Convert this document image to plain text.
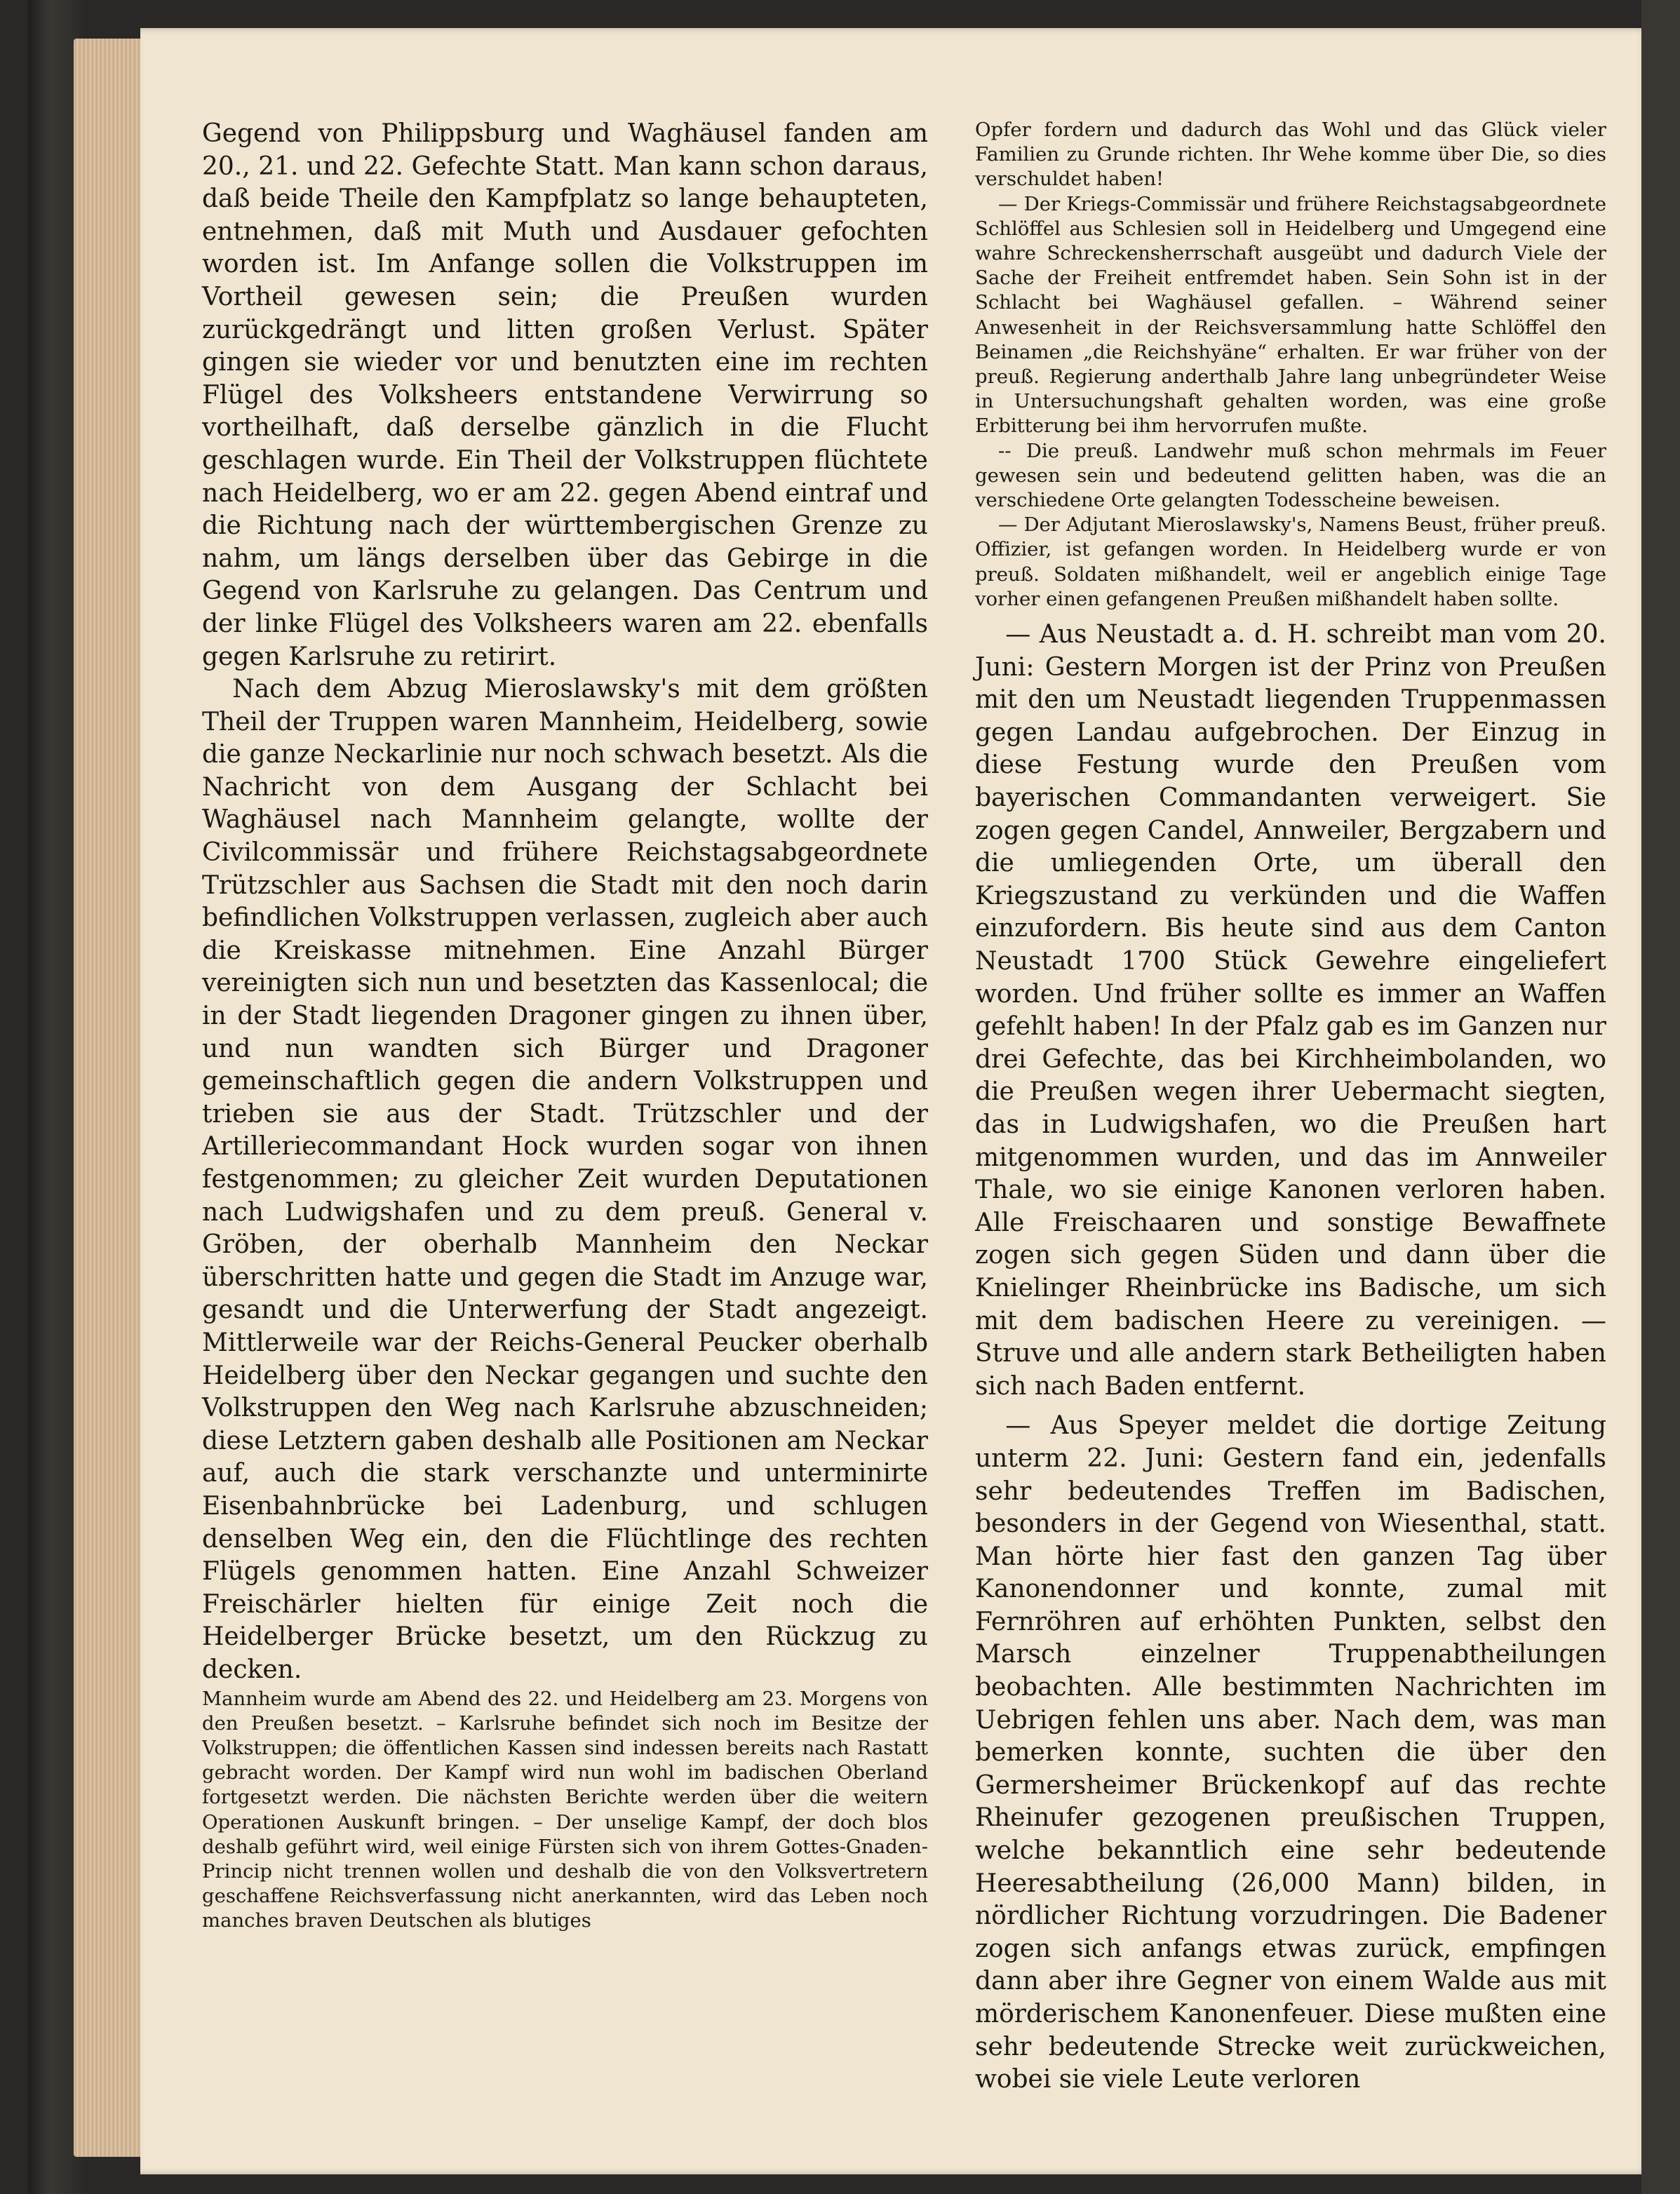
Gegend von Philippsburg und Waghäusel fanden am 20., 21. und 22. Gefechte Statt. Man kann schon daraus, daß beide Theile den Kampfplatz so lange behaupteten, entnehmen, daß mit Muth und Ausdauer gefochten worden ist. Im Anfange sollen die Volkstruppen im Vortheil gewesen sein; die Preußen wurden zurückgedrängt und litten großen Verlust. Später gingen sie wieder vor und benutzten eine im rechten Flügel des Volksheers entstandene Verwirrung so vortheilhaft, daß derselbe gänzlich in die Flucht geschlagen wurde. Ein Theil der Volkstruppen flüchtete nach Heidelberg, wo er am 22. gegen Abend eintraf und die Richtung nach der württembergischen Grenze zu nahm, um längs derselben über das Gebirge in die Gegend von Karlsruhe zu gelangen. Das Centrum und der linke Flügel des Volksheers waren am 22. ebenfalls gegen Karlsruhe zu retirirt.

Nach dem Abzug Mieroslawsky's mit dem größten Theil der Truppen waren Mannheim, Heidelberg, sowie die ganze Neckarlinie nur noch schwach besetzt. Als die Nachricht von dem Ausgang der Schlacht bei Waghäusel nach Mannheim gelangte, wollte der Civilcommissär und frühere Reichstagsabgeordnete Trützschler aus Sachsen die Stadt mit den noch darin befindlichen Volkstruppen verlassen, zugleich aber auch die Kreiskasse mitnehmen. Eine Anzahl Bürger vereinigten sich nun und besetzten das Kassenlocal; die in der Stadt liegenden Dragoner gingen zu ihnen über, und nun wandten sich Bürger und Dragoner gemeinschaftlich gegen die andern Volkstruppen und trieben sie aus der Stadt. Trützschler und der Artilleriecommandant Hock wurden sogar von ihnen festgenommen; zu gleicher Zeit wurden Deputationen nach Ludwigshafen und zu dem preuß. General v. Gröben, der oberhalb Mannheim den Neckar überschritten hatte und gegen die Stadt im Anzuge war, gesandt und die Unterwerfung der Stadt angezeigt. Mittlerweile war der Reichs-General Peucker oberhalb Heidelberg über den Neckar gegangen und suchte den Volkstruppen den Weg nach Karlsruhe abzuschneiden; diese Letztern gaben deshalb alle Positionen am Neckar auf, auch die stark verschanzte und unterminirte Eisenbahnbrücke bei Ladenburg, und schlugen denselben Weg ein, den die Flüchtlinge des rechten Flügels genommen hatten. Eine Anzahl Schweizer Freischärler hielten für einige Zeit noch die Heidelberger Brücke besetzt, um den Rückzug zu decken.

Mannheim wurde am Abend des 22. und Heidelberg am 23. Morgens von den Preußen besetzt. – Karlsruhe befindet sich noch im Besitze der Volkstruppen; die öffentlichen Kassen sind indessen bereits nach Rastatt gebracht worden. Der Kampf wird nun wohl im badischen Oberland fortgesetzt werden. Die nächsten Berichte werden über die weitern Operationen Auskunft bringen. – Der unselige Kampf, der doch blos deshalb geführt wird, weil einige Fürsten sich von ihrem Gottes-Gnaden-Princip nicht trennen wollen und deshalb die von den Volksvertretern geschaffene Reichsverfassung nicht anerkannten, wird das Leben noch manches braven Deutschen als blutiges

Opfer fordern und dadurch das Wohl und das Glück vieler Familien zu Grunde richten. Ihr Wehe komme über Die, so dies verschuldet haben!

— Der Kriegs-Commissär und frühere Reichstagsabgeordnete Schlöffel aus Schlesien soll in Heidelberg und Umgegend eine wahre Schreckensherrschaft ausgeübt und dadurch Viele der Sache der Freiheit entfremdet haben. Sein Sohn ist in der Schlacht bei Waghäusel gefallen. – Während seiner Anwesenheit in der Reichsversammlung hatte Schlöffel den Beinamen „die Reichshyäne“ erhalten. Er war früher von der preuß. Regierung anderthalb Jahre lang unbegründeter Weise in Untersuchungshaft gehalten worden, was eine große Erbitterung bei ihm hervorrufen mußte.

-- Die preuß. Landwehr muß schon mehrmals im Feuer gewesen sein und bedeutend gelitten haben, was die an verschiedene Orte gelangten Todesscheine beweisen.

— Der Adjutant Mieroslawsky's, Namens Beust, früher preuß. Offizier, ist gefangen worden. In Heidelberg wurde er von preuß. Soldaten mißhandelt, weil er angeblich einige Tage vorher einen gefangenen Preußen mißhandelt haben sollte.

— Aus Neustadt a. d. H. schreibt man vom 20. Juni: Gestern Morgen ist der Prinz von Preußen mit den um Neustadt liegenden Truppenmassen gegen Landau aufgebrochen. Der Einzug in diese Festung wurde den Preußen vom bayerischen Commandanten verweigert. Sie zogen gegen Candel, Annweiler, Bergzabern und die umliegenden Orte, um überall den Kriegszustand zu verkünden und die Waffen einzufordern. Bis heute sind aus dem Canton Neustadt 1700 Stück Gewehre eingeliefert worden. Und früher sollte es immer an Waffen gefehlt haben! In der Pfalz gab es im Ganzen nur drei Gefechte, das bei Kirchheimbolanden, wo die Preußen wegen ihrer Uebermacht siegten, das in Ludwigshafen, wo die Preußen hart mitgenommen wurden, und das im Annweiler Thale, wo sie einige Kanonen verloren haben. Alle Freischaaren und sonstige Bewaffnete zogen sich gegen Süden und dann über die Knielinger Rheinbrücke ins Badische, um sich mit dem badischen Heere zu vereinigen. — Struve und alle andern stark Betheiligten haben sich nach Baden entfernt.

— Aus Speyer meldet die dortige Zeitung unterm 22. Juni: Gestern fand ein, jedenfalls sehr bedeutendes Treffen im Badischen, besonders in der Gegend von Wiesenthal, statt. Man hörte hier fast den ganzen Tag über Kanonendonner und konnte, zumal mit Fernröhren auf erhöhten Punkten, selbst den Marsch einzelner Truppenabtheilungen beobachten. Alle bestimmten Nachrichten im Uebrigen fehlen uns aber. Nach dem, was man bemerken konnte, suchten die über den Germersheimer Brückenkopf auf das rechte Rheinufer gezogenen preußischen Truppen, welche bekanntlich eine sehr bedeutende Heeresabtheilung (26,000 Mann) bilden, in nördlicher Richtung vorzudringen. Die Badener zogen sich anfangs etwas zurück, empfingen dann aber ihre Gegner von einem Walde aus mit mörderischem Kanonenfeuer. Diese mußten eine sehr bedeutende Strecke weit zurückweichen, wobei sie viele Leute verloren
